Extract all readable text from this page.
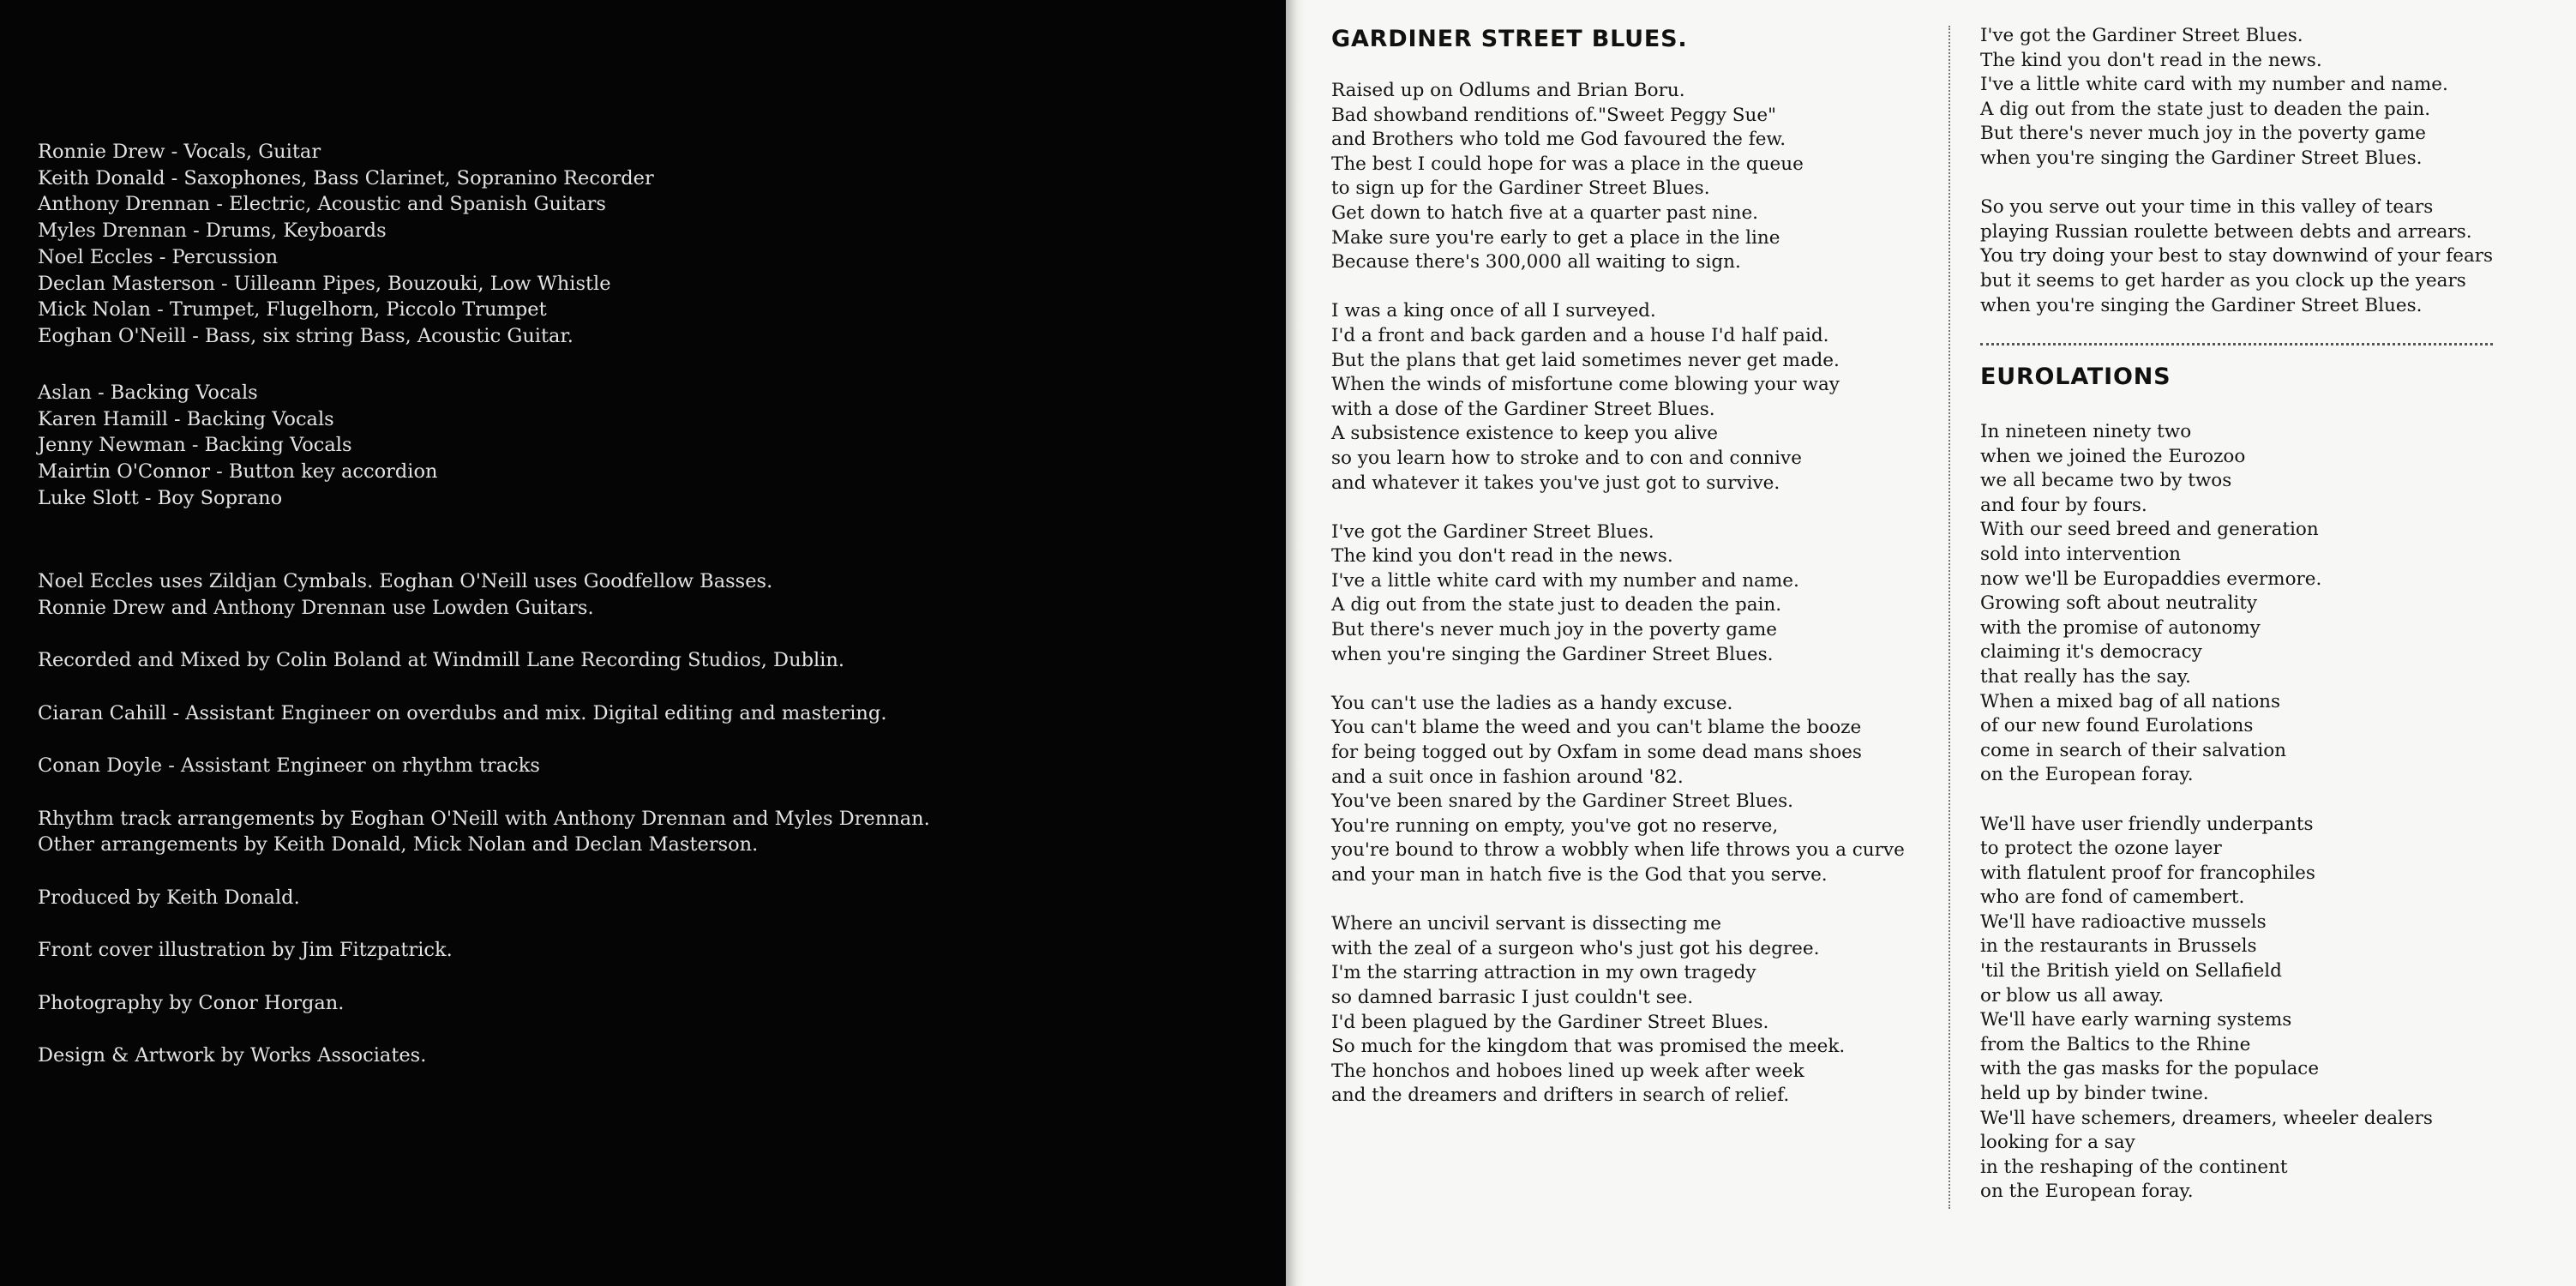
Ronnie Drew - Vocals, Guitar

Keith Donald - Saxophones, Bass Clarinet, Sopranino Recorder

Anthony Drennan - Electric, Acoustic and Spanish Guitars

Myles Drennan - Drums, Keyboards

Noel Eccles - Percussion

Declan Masterson - Uilleann Pipes, Bouzouki, Low Whistle

Mick Nolan - Trumpet, Flugelhorn, Piccolo Trumpet

Eoghan O'Neill - Bass, six string Bass, Acoustic Guitar.

Aslan - Backing Vocals

Karen Hamill - Backing Vocals

Jenny Newman - Backing Vocals

Mairtin O'Connor - Button key accordion

Luke Slott - Boy Soprano

Noel Eccles uses Zildjan Cymbals. Eoghan O'Neill uses Goodfellow Basses.

Ronnie Drew and Anthony Drennan use Lowden Guitars.

Recorded and Mixed by Colin Boland at Windmill Lane Recording Studios, Dublin.

Ciaran Cahill - Assistant Engineer on overdubs and mix. Digital editing and mastering.

Conan Doyle - Assistant Engineer on rhythm tracks

Rhythm track arrangements by Eoghan O'Neill with Anthony Drennan and Myles Drennan.

Other arrangements by Keith Donald, Mick Nolan and Declan Masterson.

Produced by Keith Donald.

Front cover illustration by Jim Fitzpatrick.

Photography by Conor Horgan.

Design & Artwork by Works Associates.

GARDINER STREET BLUES.
Raised up on Odlums and Brian Boru.
Bad showband renditions of."Sweet Peggy Sue"
and Brothers who told me God favoured the few.
The best I could hope for was a place in the queue
to sign up for the Gardiner Street Blues.
Get down to hatch five at a quarter past nine.
Make sure you're early to get a place in the line
Because there's 300,000 all waiting to sign.
I was a king once of all I surveyed.
I'd a front and back garden and a house I'd half paid.
But the plans that get laid sometimes never get made.
When the winds of misfortune come blowing your way
with a dose of the Gardiner Street Blues.
A subsistence existence to keep you alive
so you learn how to stroke and to con and connive
and whatever it takes you've just got to survive.
I've got the Gardiner Street Blues.
The kind you don't read in the news.
I've a little white card with my number and name.
A dig out from the state just to deaden the pain.
But there's never much joy in the poverty game
when you're singing the Gardiner Street Blues.
You can't use the ladies as a handy excuse.
You can't blame the weed and you can't blame the booze
for being togged out by Oxfam in some dead mans shoes
and a suit once in fashion around '82.
You've been snared by the Gardiner Street Blues.
You're running on empty, you've got no reserve,
you're bound to throw a wobbly when life throws you a curve
and your man in hatch five is the God that you serve.
Where an uncivil servant is dissecting me
with the zeal of a surgeon who's just got his degree.
I'm the starring attraction in my own tragedy
so damned barrasic I just couldn't see.
I'd been plagued by the Gardiner Street Blues.
So much for the kingdom that was promised the meek.
The honchos and hoboes lined up week after week
and the dreamers and drifters in search of relief.
I've got the Gardiner Street Blues.
The kind you don't read in the news.
I've a little white card with my number and name.
A dig out from the state just to deaden the pain.
But there's never much joy in the poverty game
when you're singing the Gardiner Street Blues.
So you serve out your time in this valley of tears
playing Russian roulette between debts and arrears.
You try doing your best to stay downwind of your fears
but it seems to get harder as you clock up the years
when you're singing the Gardiner Street Blues.
EUROLATIONS
In nineteen ninety two
when we joined the Eurozoo
we all became two by twos
and four by fours.
With our seed breed and generation
sold into intervention
now we'll be Europaddies evermore.
Growing soft about neutrality
with the promise of autonomy
claiming it's democracy
that really has the say.
When a mixed bag of all nations
of our new found Eurolations
come in search of their salvation
on the European foray.
We'll have user friendly underpants
to protect the ozone layer
with flatulent proof for francophiles
who are fond of camembert.
We'll have radioactive mussels
in the restaurants in Brussels
'til the British yield on Sellafield
or blow us all away.
We'll have early warning systems
from the Baltics to the Rhine
with the gas masks for the populace
held up by binder twine.
We'll have schemers, dreamers, wheeler dealers
looking for a say
in the reshaping of the continent
on the European foray.
